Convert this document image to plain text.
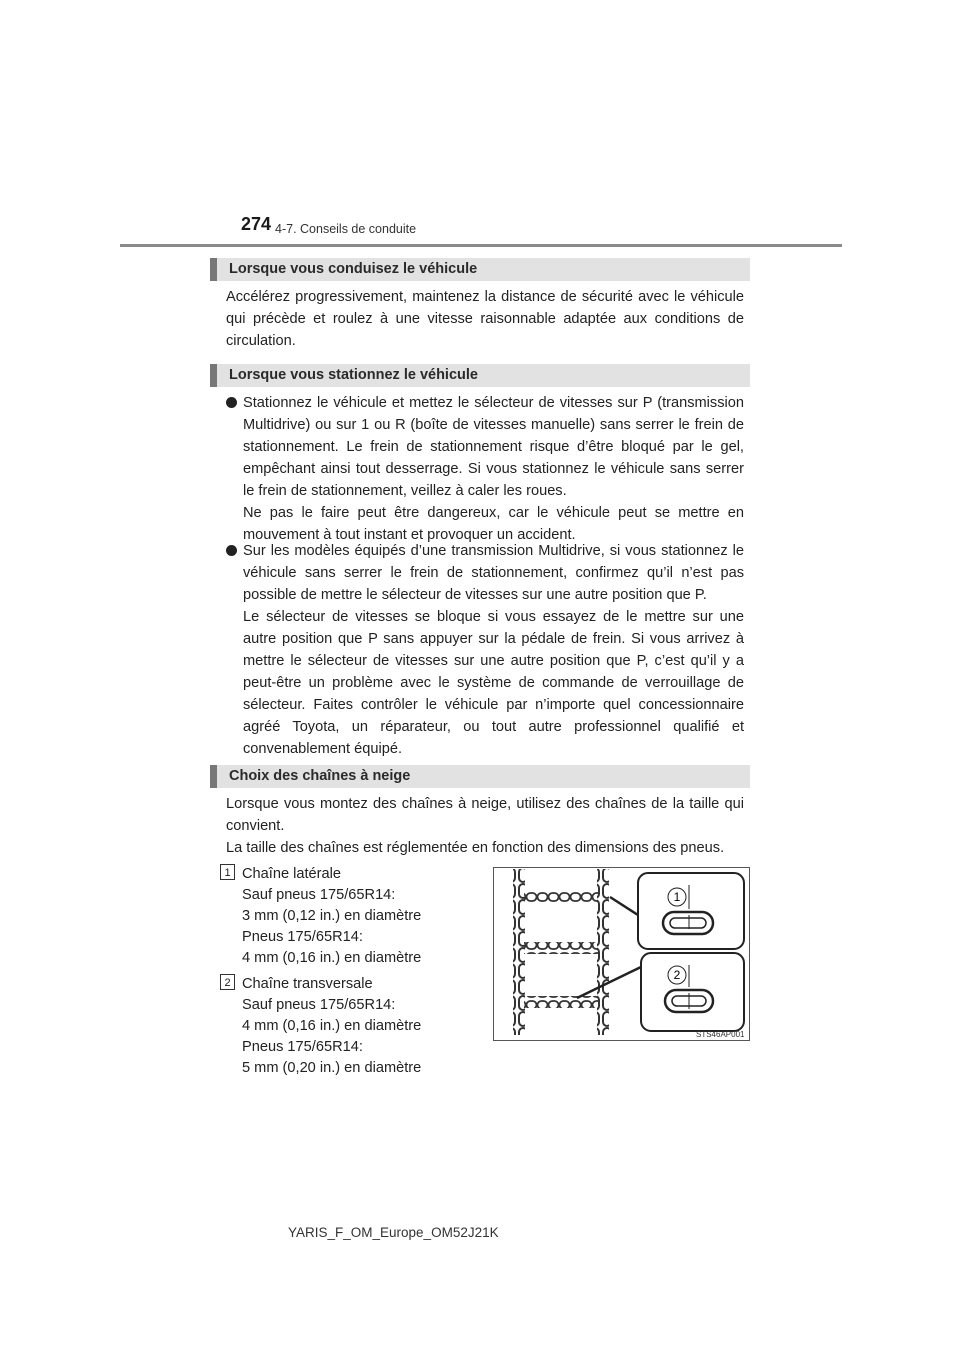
274 4-7. Conseils de conduite
Lorsque vous conduisez le véhicule
Accélérez progressivement, maintenez la distance de sécurité avec le véhicule qui précède et roulez à une vitesse raisonnable adaptée aux conditions de circulation.
Lorsque vous stationnez le véhicule

Stationnez le véhicule et mettez le sélecteur de vitesses sur P (transmission Multidrive) ou sur 1 ou R (boîte de vitesses manuelle) sans serrer le frein de stationnement. Le frein de stationnement risque d’être bloqué par le gel, empêchant ainsi tout desserrage. Si vous stationnez le véhicule sans serrer le frein de stationnement, veillez à caler les roues.

Ne pas le faire peut être dangereux, car le véhicule peut se mettre en mouvement à tout instant et provoquer un accident.

Sur les modèles équipés d’une transmission Multidrive, si vous stationnez le véhicule sans serrer le frein de stationnement, confirmez qu’il n’est pas possible de mettre le sélecteur de vitesses sur une autre position que P.

Le sélecteur de vitesses se bloque si vous essayez de le mettre sur une autre position que P sans appuyer sur la pédale de frein. Si vous arrivez à mettre le sélecteur de vitesses sur une autre position que P, c’est qu’il y a peut-être un problème avec le système de commande de verrouillage de sélecteur. Faites contrôler le véhicule par n’importe quel concessionnaire agréé Toyota, un réparateur, ou tout autre professionnel qualifié et convenablement équipé.

Choix des chaînes à neige
Lorsque vous montez des chaînes à neige, utilisez des chaînes de la taille qui convient.
La taille des chaînes est réglementée en fonction des dimensions des pneus.
1 Chaîne latérale
Sauf pneus 175/65R14:
3 mm (0,12 in.) en diamètre
Pneus 175/65R14:
4 mm (0,16 in.) en diamètre
2 Chaîne transversale
Sauf pneus 175/65R14:
4 mm (0,16 in.) en diamètre
Pneus 175/65R14:
5 mm (0,20 in.) en diamètre
1
2
STS46AP001
YARIS_F_OM_Europe_OM52J21K
